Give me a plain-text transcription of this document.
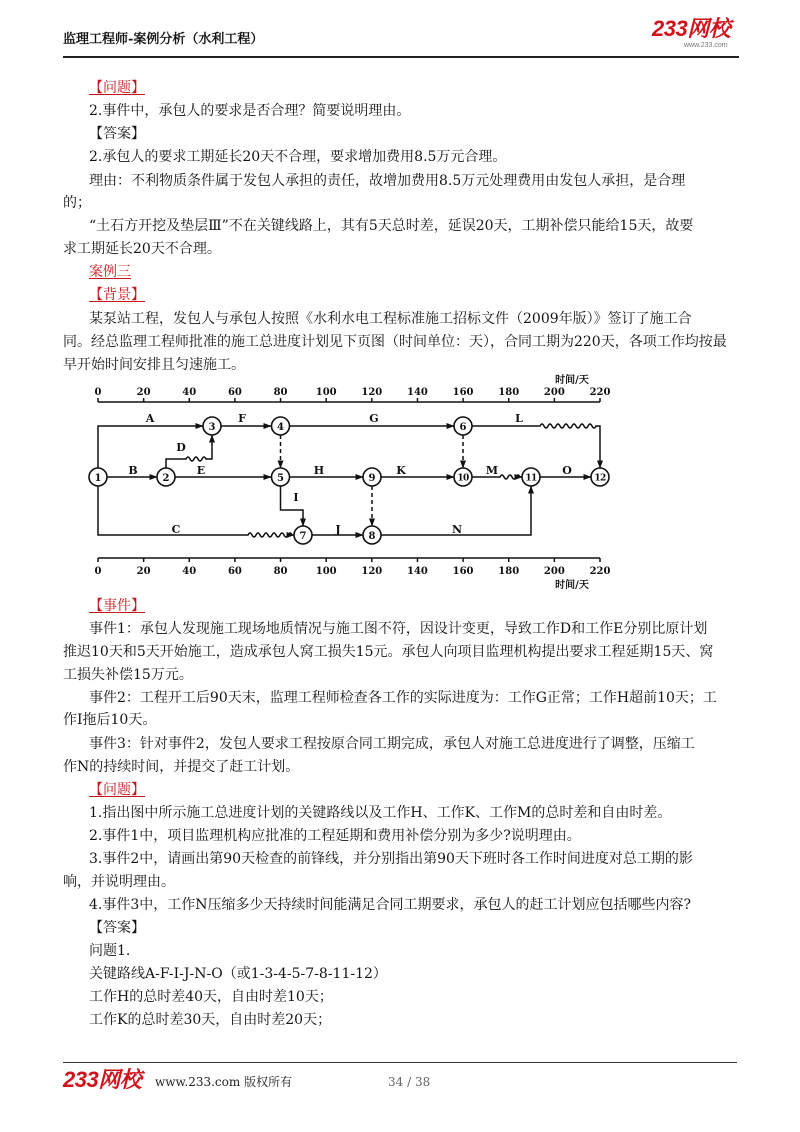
监理工程师-案例分析（水利工程）	233网校
www.233.com
【问题】
2.事件中，承包人的要求是否合理？简要说明理由。
【答案】
2.承包人的要求工期延长20天不合理，要求增加费用8.5万元合理。
理由：不利物质条件属于发包人承担的责任，故增加费用8.5万元处理费用由发包人承担，是合理
的；
“土石方开挖及垫层Ⅲ”不在关键线路上，其有5天总时差，延误20天，工期补偿只能给15天，故要
求工期延长20天不合理。
案例三
【背景】
某泵站工程，发包人与承包人按照《水利水电工程标准施工招标文件（2009年版）》签订了施工合
同。经总监理工程师批准的施工总进度计划见下页图（时间单位：天），合同工期为220天，各项工作均按最
早开始时间安排且匀速施工。
时间/天
0	20	40	60	80	100 120 140 160 180 200 220
0	20	40	60	80	100 120 140 160 180 200 220
时间/天
A
B
C
D
E
F	G
H
I
J
K
L
M
N
O
1	2
3	4
5
6
7	8
9	10	11	12
【事件】
事件1：承包人发现施工现场地质情况与施工图不符，因设计变更，导致工作D和工作E分别比原计划
推迟10天和5天开始施工，造成承包人窝工损失15元。承包人向项目监理机构提出要求工程延期15天、窝
工损失补偿15万元。
事件2：工程开工后90天末，监理工程师检查各工作的实际进度为：工作G正常；工作H超前10天；工
作I拖后10天。
事件3：针对事件2，发包人要求工程按原合同工期完成，承包人对施工总进度进行了调整，压缩工
作N的持续时间，并提交了赶工计划。
【问题】
1.指出图中所示施工总进度计划的关键路线以及工作H、工作K、工作M的总时差和自由时差。
2.事件1中，项目监理机构应批准的工程延期和费用补偿分别为多少?说明理由。
3.事件2中，请画出第90天检查的前锋线，并分别指出第90天下班时各工作时间进度对总工期的影
响，并说明理由。
4.事件3中，工作N压缩多少天持续时间能满足合同工期要求，承包人的赶工计划应包括哪些内容?
【答案】
问题1.
关键路线A-F-I-J-N-O（或1-3-4-5-7-8-11-12）
工作H的总时差40天，自由时差10天；
工作K的总时差30天，自由时差20天；
233网校 www.233.com 版权所有	34 / 38
